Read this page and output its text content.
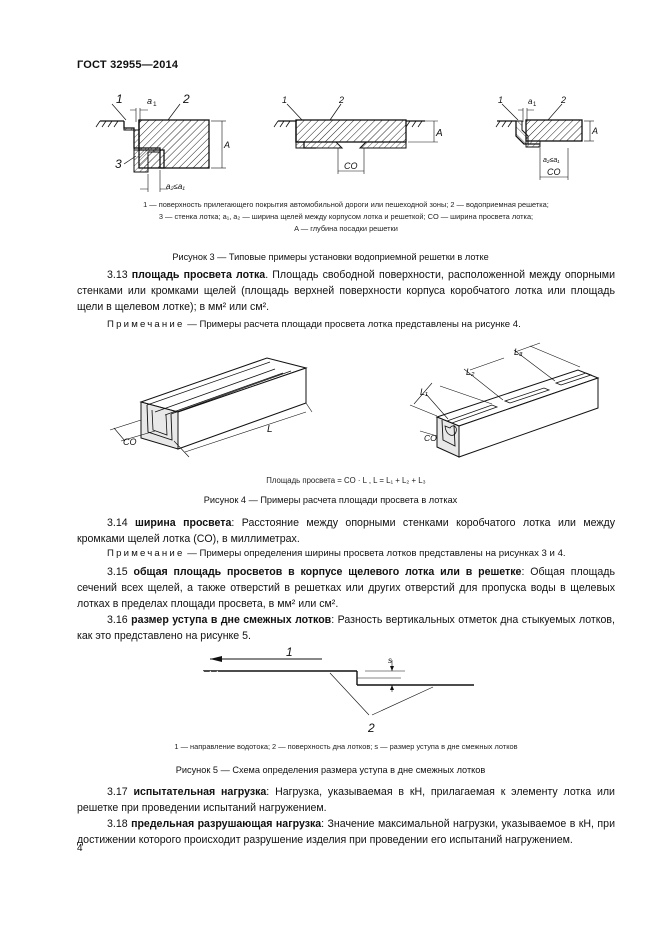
ГОСТ 32955—2014
1	2
3
a 1
A
a₂≤a₁
1	2
A
CO
1	2
a 1
A
a₂≤a₁
CO
1 — поверхность прилегающего покрытия автомобильной дороги или пешеходной зоны; 2 — водоприемная решетка;
3 — стенка лотка; a₁, a₂ — ширина щелей между корпусом лотка и решеткой; CO — ширина просвета лотка;
A — глубина посадки решетки
Рисунок 3 — Типовые примеры установки водоприемной решетки в лотке
3.13 площадь просвета лотка. Площадь свободной поверхности, расположенной между опорными стенками или кромками щелей (площадь верхней поверхности корпуса коробчатого лотка или площадь щели в щелевом лотке); в мм² или см².
Примечание — Примеры расчета площади просвета лотка представлены на рисунке 4.
CO
L
L₁
L₂
L₃
CO
Площадь просвета = CO · L , L = L₁ + L₂ + L₃
Рисунок 4 — Примеры расчета площади просвета в лотках
3.14 ширина просвета: Расстояние между опорными стенками коробчатого лотка или между кромками щелей лотка (CO), в миллиметрах.
Примечание — Примеры определения ширины просвета лотков представлены на рисунках 3 и 4.
3.15 общая площадь просветов в корпусе щелевого лотка или в решетке: Общая площадь сечений всех щелей, а также отверстий в решетках или других отверстий для пропуска воды в щелевых лотках в пределах площади просвета, в мм² или см².
3.16 размер уступа в дне смежных лотков: Разность вертикальных отметок дна стыкуемых лотков, как это представлено на рисунке 5.
1
s
2
1 — направление водотока; 2 — поверхность дна лотков; s — размер уступа в дне смежных лотков
Рисунок 5 — Схема определения размера уступа в дне смежных лотков
3.17 испытательная нагрузка: Нагрузка, указываемая в кН, прилагаемая к элементу лотка или решетке при проведении испытаний нагружением.
3.18 предельная разрушающая нагрузка: Значение максимальной нагрузки, указываемое в кН, при достижении которого происходит разрушение изделия при проведении его испытаний нагружением.
4
